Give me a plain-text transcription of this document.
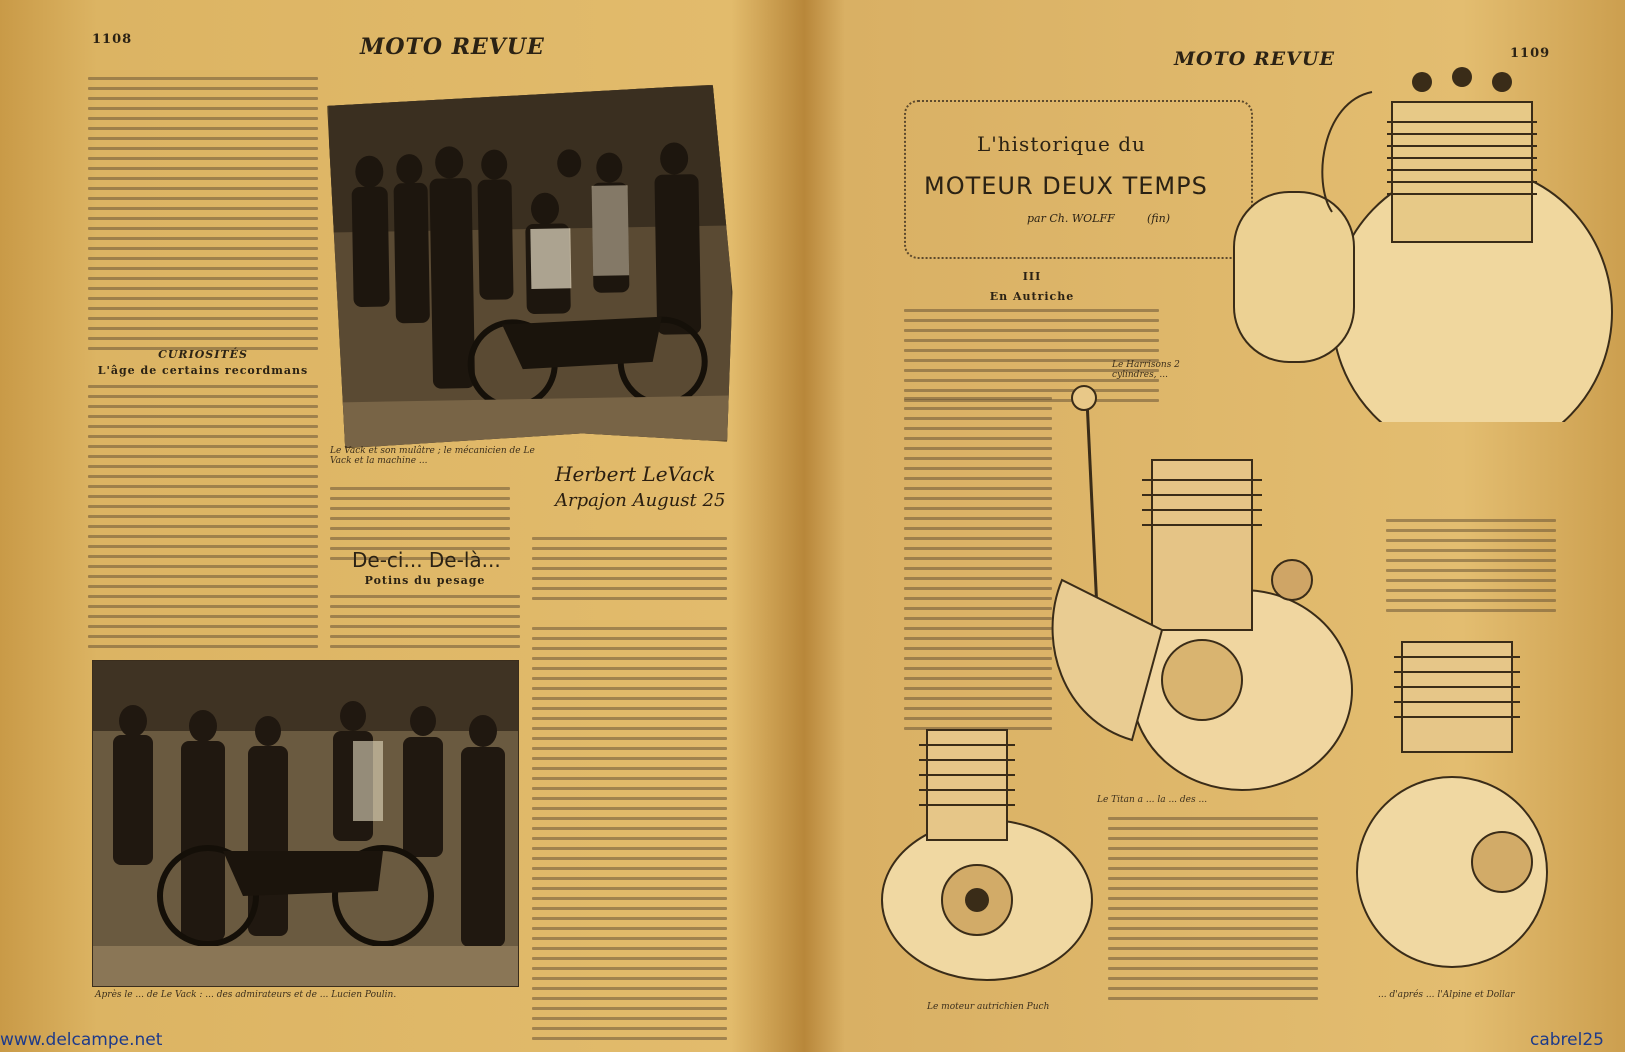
1108	MOTO REVUE
CURIOSITÉS
L'âge de certains recordmans
Le Vack et son mulâtre ; le mécanicien de Le Vack et la machine ...
Herbert LeVack
Arpajon August 25
De-ci... De-là...
Potins du pesage
Après le ... de Le Vack : ... des admirateurs et de ... Lucien Poulin.
MOTO REVUE	1109
L'historique du
MOTEUR DEUX TEMPS
par Ch. WOLFF	(fin)
III
En Autriche
Le Harrisons 2 cylindres, ...
Le Titan a ... la ... des ...
Le moteur autrichien Puch
... d'aprés ... l'Alpine et Dollar
www.delcampe.net	cabrel25
